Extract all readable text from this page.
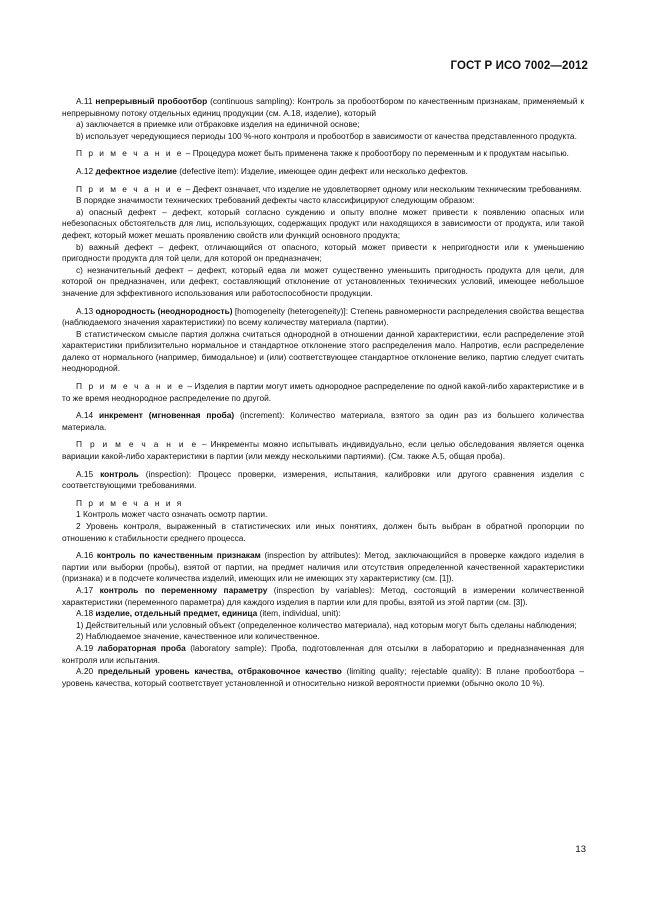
ГОСТ Р ИСО 7002—2012

А.11 непрерывный пробоотбор (continuous sampling): Контроль за пробоотбором по качественным признакам, применяемый к непрерывному потоку отдельных единиц продукции (см. А.18, изделие), который

a) заключается в приемке или отбраковке изделия на единичной основе;

b) использует чередующиеся периоды 100 %-ного контроля и пробоотбор в зависимости от качества представленного продукта.

П р и м е ч а н и е – Процедура может быть применена также к пробоотбору по переменным и к продуктам насыпью.

А.12 дефектное изделие (defective item): Изделие, имеющее один дефект или несколько дефектов.

П р и м е ч а н и е – Дефект означает, что изделие не удовлетворяет одному или нескольким техническим требованиям.

В порядке значимости технических требований дефекты часто классифицируют следующим образом:

a) опасный дефект – дефект, который согласно суждению и опыту вполне может привести к появлению опасных или небезопасных обстоятельств для лиц, использующих, содержащих продукт или находящихся в зависимости от продукта, или такой дефект, который может мешать проявлению свойств или функций основного продукта;

b) важный дефект – дефект, отличающийся от опасного, который может привести к непригодности или к уменьшению пригодности продукта для той цели, для которой он предназначен;

c) незначительный дефект – дефект, который едва ли может существенно уменьшить пригодность продукта для цели, для которой он предназначен, или дефект, составляющий отклонение от установленных технических условий, имеющее небольшое значение для эффективного использования или работоспособности продукции.

А.13 однородность (неоднородность) [homogeneity (heterogeneity)]: Степень равномерности распределения свойства вещества (наблюдаемого значения характеристики) по всему количеству материала (партии).

В статистическом смысле партия должна считаться однородной в отношении данной характеристики, если распределение этой характеристики приблизительно нормальное и стандартное отклонение этого распределения мало. Напротив, если распределение далеко от нормального (например, бимодальное) и (или) соответствующее стандартное отклонение велико, партию следует считать неоднородной.

П р и м е ч а н и е – Изделия в партии могут иметь однородное распределение по одной какой-либо характеристике и в то же время неоднородное распределение по другой.

А.14 инкремент (мгновенная проба) (increment): Количество материала, взятого за один раз из большего количества материала.

П р и м е ч а н и е – Инкременты можно испытывать индивидуально, если целью обследования является оценка вариации какой-либо характеристики в партии (или между несколькими партиями). (См. также А.5, общая проба).

А.15 контроль (inspection): Процесс проверки, измерения, испытания, калибровки или другого сравнения изделия с соответствующими требованиями.

П р и м е ч а н и я

1 Контроль может часто означать осмотр партии.

2 Уровень контроля, выраженный в статистических или иных понятиях, должен быть выбран в обратной пропорции по отношению к стабильности среднего процесса.

А.16 контроль по качественным признакам (inspection by attributes): Метод, заключающийся в проверке каждого изделия в партии или выборки (пробы), взятой от партии, на предмет наличия или отсутствия определенной качественной характеристики (признака) и в подсчете количества изделий, имеющих или не имеющих эту характеристику (см. [1]).

А.17 контроль по переменному параметру (inspection by variables): Метод, состоящий в измерении количественной характеристики (переменного параметра) для каждого изделия в партии или для пробы, взятой из этой партии (см. [3]).

А.18 изделие, отдельный предмет, единица (item, individual, unit):

1) Действительный или условный объект (определенное количество материала), над которым могут быть сделаны наблюдения;

2) Наблюдаемое значение, качественное или количественное.

А.19 лабораторная проба (laboratory sample): Проба, подготовленная для отсылки в лабораторию и предназначенная для контроля или испытания.

А.20 предельный уровень качества, отбраковочное качество (limiting quality; rejectable quality): В плане пробоотбора – уровень качества, который соответствует установленной и относительно низкой вероятности приемки (обычно около 10 %).

13
